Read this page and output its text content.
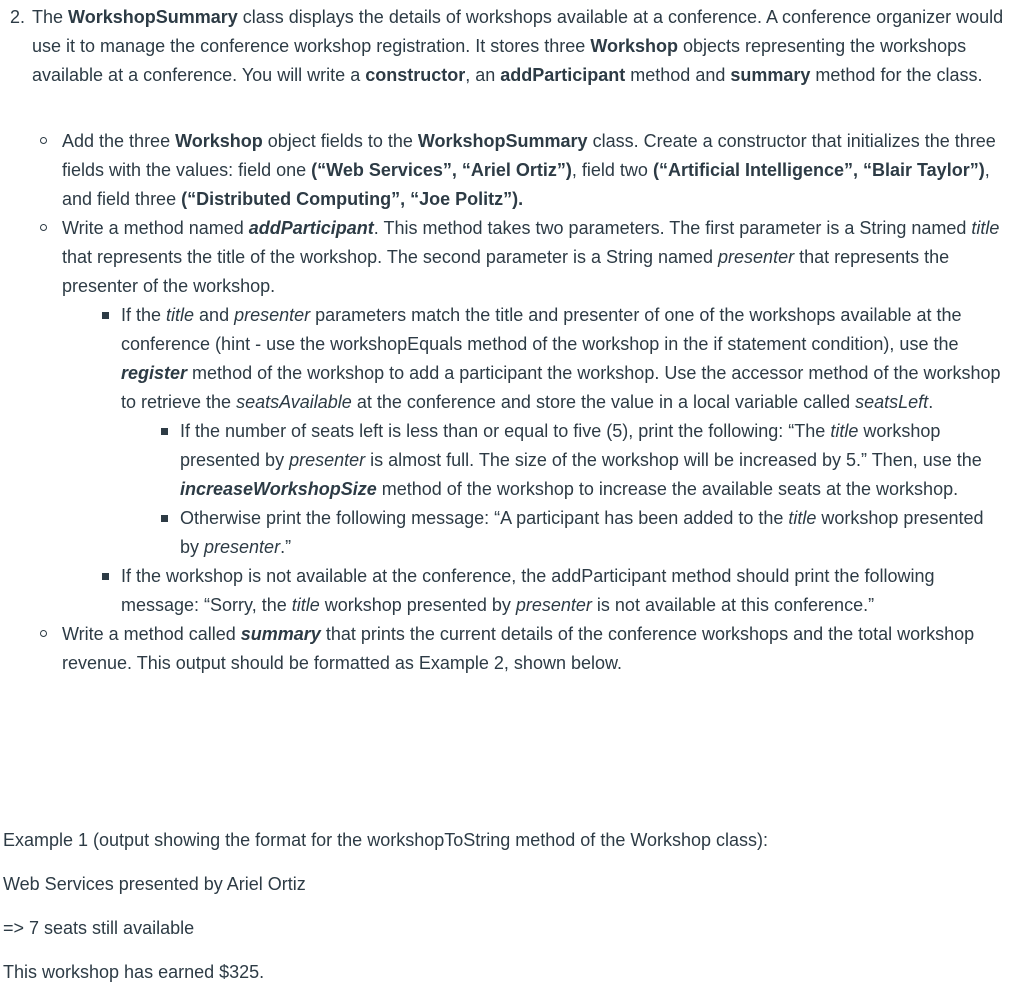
2. The WorkshopSummary class displays the details of workshops available at a conference. A conference organizer would use it to manage the conference workshop registration. It stores three Workshop objects representing the workshops available at a conference. You will write a constructor, an addParticipant method and summary method for the class.
Add the three Workshop object fields to the WorkshopSummary class. Create a constructor that initializes the three fields with the values: field one (“Web Services”, “Ariel Ortiz”), field two (“Artificial Intelligence”, “Blair Taylor”), and field three (“Distributed Computing”, “Joe Politz”).
Write a method named addParticipant. This method takes two parameters. The first parameter is a String named title that represents the title of the workshop. The second parameter is a String named presenter that represents the presenter of the workshop.
If the title and presenter parameters match the title and presenter of one of the workshops available at the conference (hint - use the workshopEquals method of the workshop in the if statement condition), use the register method of the workshop to add a participant the workshop. Use the accessor method of the workshop to retrieve the seatsAvailable at the conference and store the value in a local variable called seatsLeft.
If the number of seats left is less than or equal to five (5), print the following: “The title workshop presented by presenter is almost full. The size of the workshop will be increased by 5.” Then, use the increaseWorkshopSize method of the workshop to increase the available seats at the workshop.
Otherwise print the following message: “A participant has been added to the title workshop presented by presenter.”
If the workshop is not available at the conference, the addParticipant method should print the following message: “Sorry, the title workshop presented by presenter is not available at this conference.”
Write a method called summary that prints the current details of the conference workshops and the total workshop revenue. This output should be formatted as Example 2, shown below.

Example 1 (output showing the format for the workshopToString method of the Workshop class):

Web Services presented by Ariel Ortiz

=> 7 seats still available

This workshop has earned $325.
